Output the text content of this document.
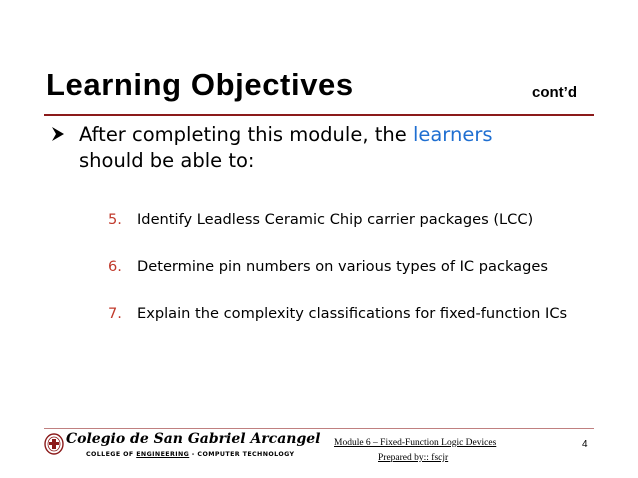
Learning Objectives	cont’d
After completing this module, the learners
should be able to:
5. Identify Leadless Ceramic Chip carrier packages (LCC)
6. Determine pin numbers on various types of IC packages
7. Explain the complexity classifications for fixed-function ICs
Colegio de San Gabriel Arcangel
COLLEGE OF ENGINEERING - COMPUTER TECHNOLOGY
Module 6 – Fixed-Function Logic Devices
Prepared by:: fscjr
4
